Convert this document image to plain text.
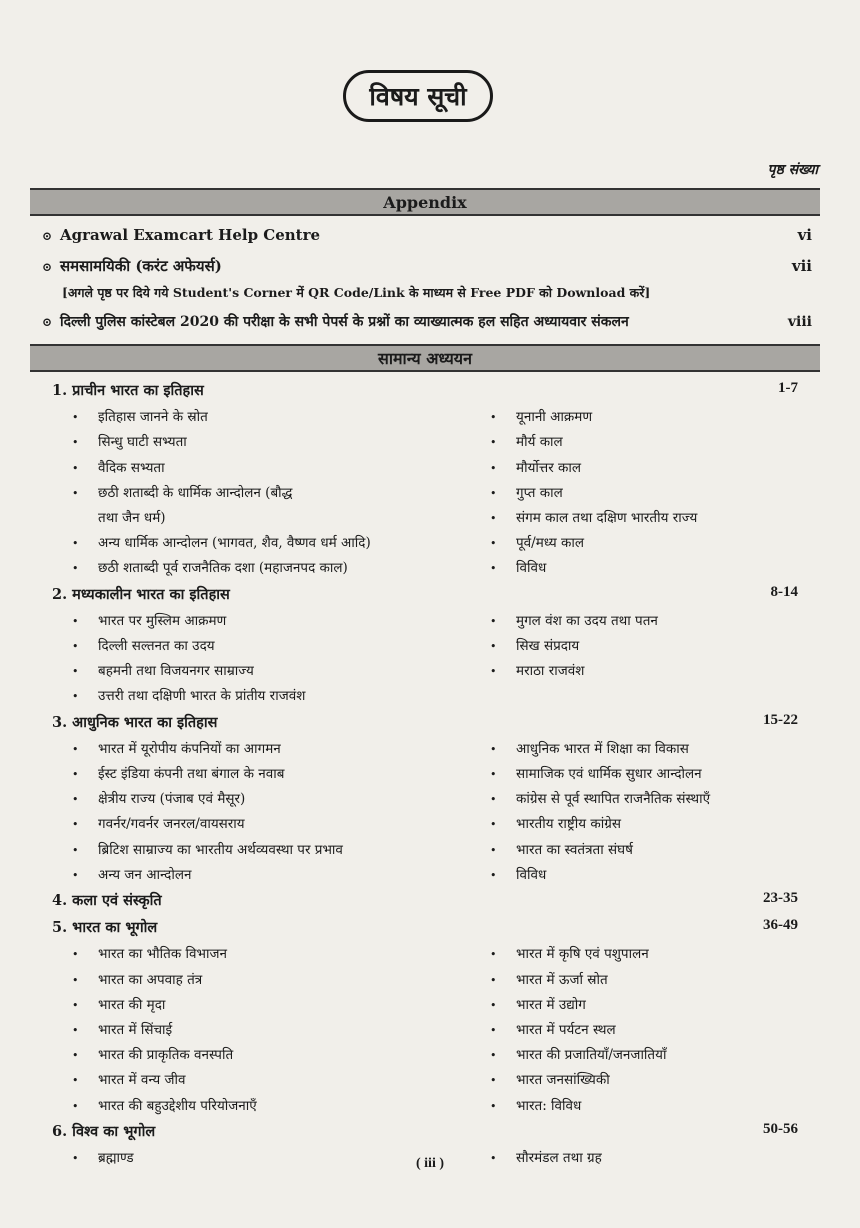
विषय सूची
पृष्ठ संख्या
Appendix
⊙ Agrawal Examcart Help Centre	vi
⊙ समसामयिकी (करंट अफेयर्स)	vii
[अगले पृष्ठ पर दिये गये Student's Corner में QR Code/Link के माध्यम से Free PDF को Download करें]
⊙ दिल्ली पुलिस कांस्टेबल 2020 की परीक्षा के सभी पेपर्स के प्रश्नों का व्याख्यात्मक हल सहित अध्यायवार संकलन	viii
सामान्य अध्ययन
1. प्राचीन भारत का इतिहास	1-7
• इतिहास जानने के स्रोत	• यूनानी आक्रमण
• सिन्धु घाटी सभ्यता	• मौर्य काल
• वैदिक सभ्यता	• मौर्योत्तर काल
• छठी शताब्दी के धार्मिक आन्दोलन (बौद्ध	• गुप्त काल
तथा जैन धर्म)	• संगम काल तथा दक्षिण भारतीय राज्य
• अन्य धार्मिक आन्दोलन (भागवत, शैव, वैष्णव धर्म आदि)	• पूर्व/मध्य काल
• छठी शताब्दी पूर्व राजनैतिक दशा (महाजनपद काल)	• विविध
2. मध्यकालीन भारत का इतिहास	8-14
• भारत पर मुस्लिम आक्रमण	• मुगल वंश का उदय तथा पतन
• दिल्ली सल्तनत का उदय	• सिख संप्रदाय
• बहमनी तथा विजयनगर साम्राज्य	• मराठा राजवंश
• उत्तरी तथा दक्षिणी भारत के प्रांतीय राजवंश
3. आधुनिक भारत का इतिहास	15-22
• भारत में यूरोपीय कंपनियों का आगमन	• आधुनिक भारत में शिक्षा का विकास
• ईस्ट इंडिया कंपनी तथा बंगाल के नवाब	• सामाजिक एवं धार्मिक सुधार आन्दोलन
• क्षेत्रीय राज्य (पंजाब एवं मैसूर)	• कांग्रेस से पूर्व स्थापित राजनैतिक संस्थाएँ
• गवर्नर/गवर्नर जनरल/वायसराय	• भारतीय राष्ट्रीय कांग्रेस
• ब्रिटिश साम्राज्य का भारतीय अर्थव्यवस्था पर प्रभाव	• भारत का स्वतंत्रता संघर्ष
• अन्य जन आन्दोलन	• विविध
4. कला एवं संस्कृति	23-35
5. भारत का भूगोल	36-49
• भारत का भौतिक विभाजन	• भारत में कृषि एवं पशुपालन
• भारत का अपवाह तंत्र	• भारत में ऊर्जा स्रोत
• भारत की मृदा	• भारत में उद्योग
• भारत में सिंचाई	• भारत में पर्यटन स्थल
• भारत की प्राकृतिक वनस्पति	• भारत की प्रजातियाँ/जनजातियाँ
• भारत में वन्य जीव	• भारत जनसांख्यिकी
• भारत की बहुउद्देशीय परियोजनाएँ	• भारत: विविध
6. विश्व का भूगोल	50-56
• ब्रह्माण्ड	• सौरमंडल तथा ग्रह
( iii )
